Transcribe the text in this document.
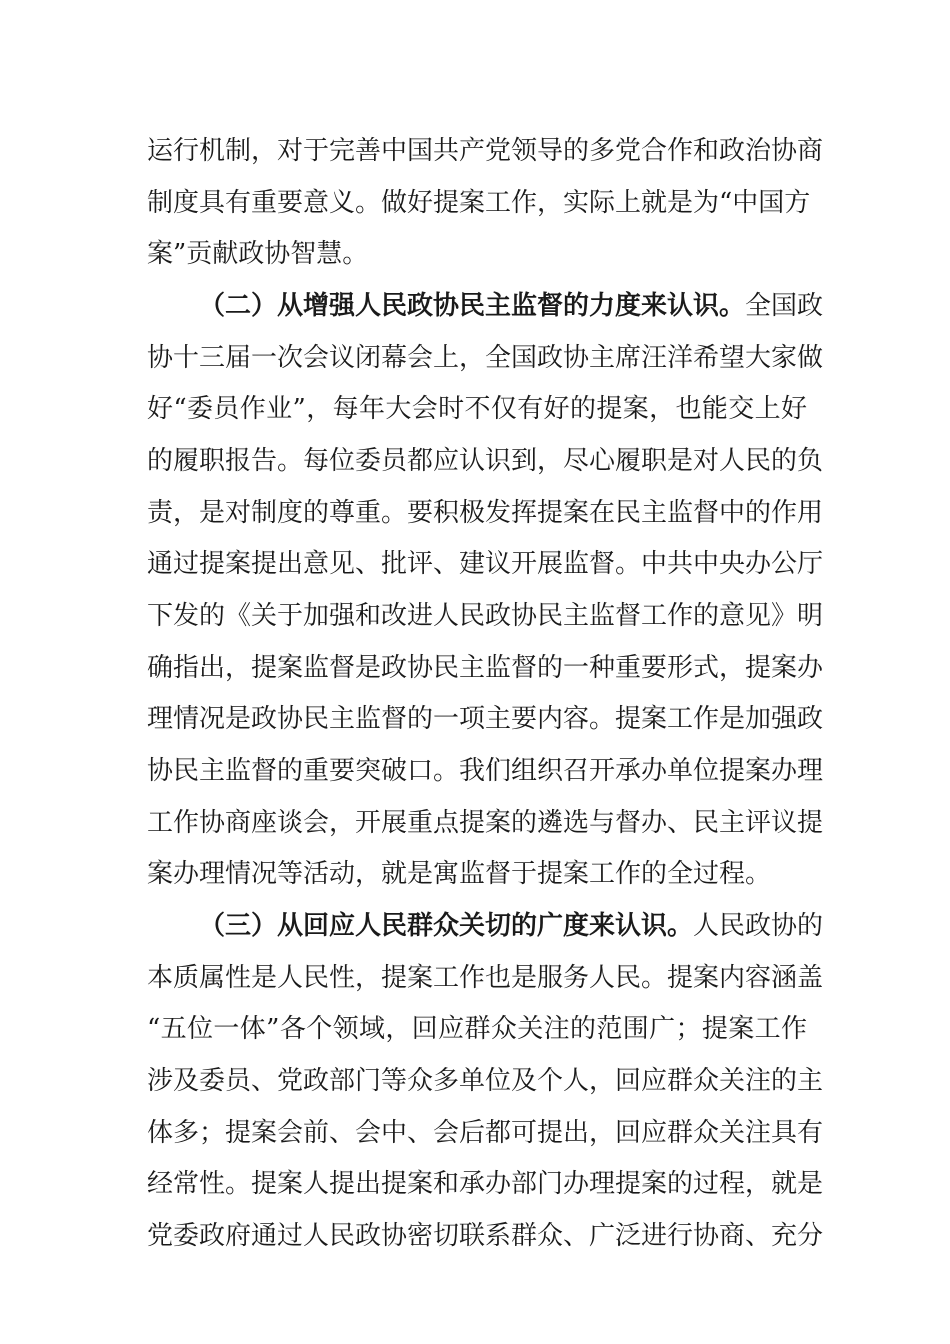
运行机制，对于完善中国共产党领导的多党合作和政治协商
制度具有重要意义。做好提案工作，实际上就是为“中国方
案”贡献政协智慧。
（二）从增强人民政协民主监督的力度来认识。全国政
协十三届一次会议闭幕会上，全国政协主席汪洋希望大家做
好“委员作业”，每年大会时不仅有好的提案，也能交上好
的履职报告。每位委员都应认识到，尽心履职是对人民的负
责，是对制度的尊重。要积极发挥提案在民主监督中的作用
通过提案提出意见、批评、建议开展监督。中共中央办公厅
下发的《关于加强和改进人民政协民主监督工作的意见》明
确指出，提案监督是政协民主监督的一种重要形式，提案办
理情况是政协民主监督的一项主要内容。提案工作是加强政
协民主监督的重要突破口。我们组织召开承办单位提案办理
工作协商座谈会，开展重点提案的遴选与督办、民主评议提
案办理情况等活动，就是寓监督于提案工作的全过程。
（三）从回应人民群众关切的广度来认识。人民政协的
本质属性是人民性，提案工作也是服务人民。提案内容涵盖
“五位一体”各个领域，回应群众关注的范围广；提案工作
涉及委员、党政部门等众多单位及个人，回应群众关注的主
体多；提案会前、会中、会后都可提出，回应群众关注具有
经常性。提案人提出提案和承办部门办理提案的过程，就是
党委政府通过人民政协密切联系群众、广泛进行协商、充分
